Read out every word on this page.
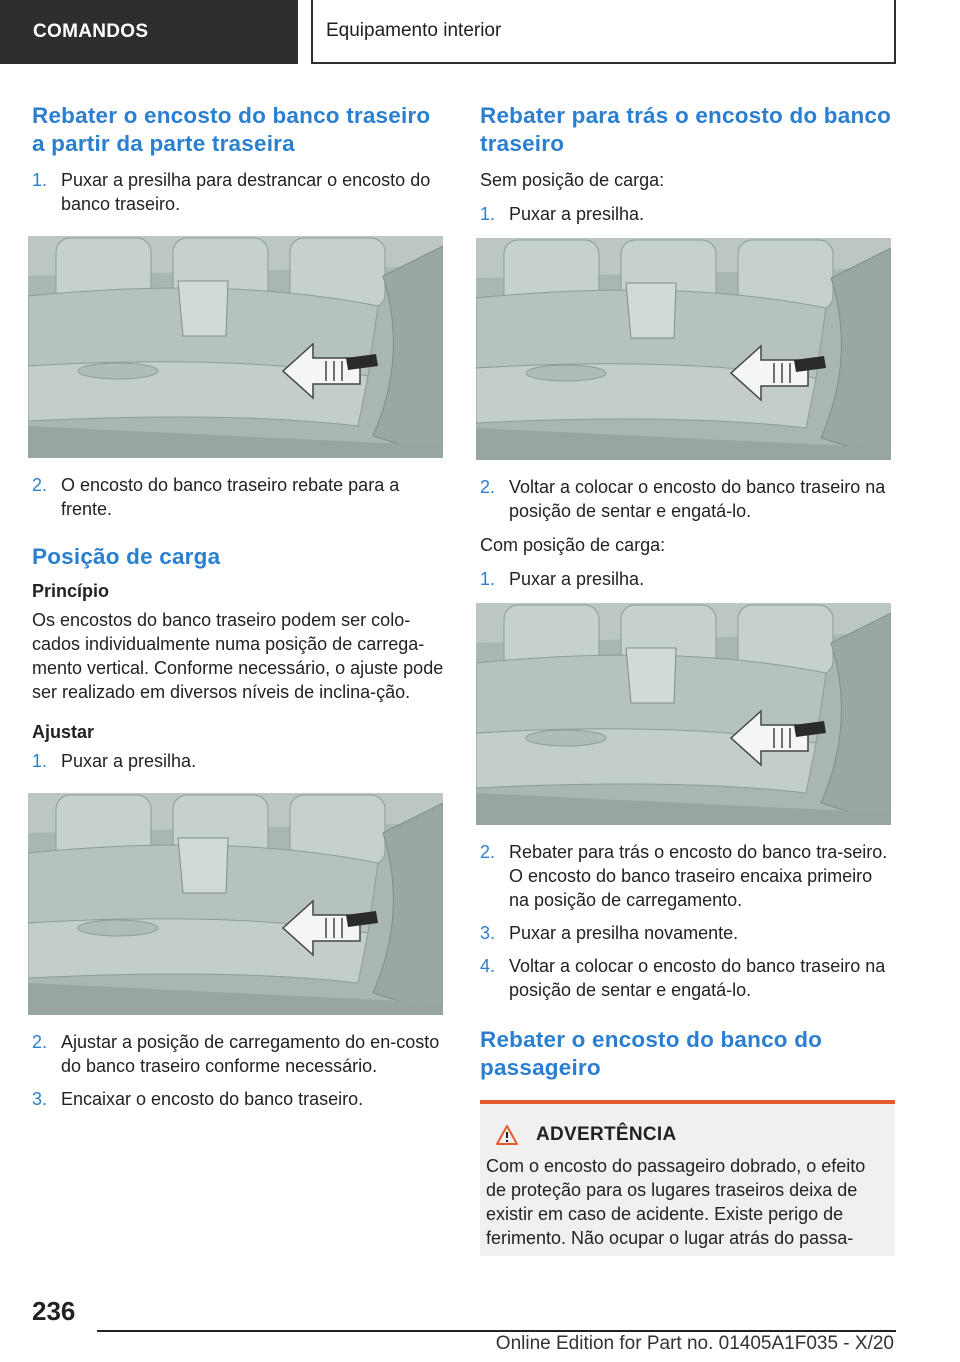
COMANDOS	Equipamento interior
Rebater o encosto do banco traseiro a partir da parte traseira
1. Puxar a presilha para destrancar o encosto do banco traseiro.
2. O encosto do banco traseiro rebate para a frente.
Posição de carga
Princípio

Os encostos do banco traseiro podem ser colo-cados individualmente numa posição de carrega-mento vertical. Conforme necessário, o ajuste pode ser realizado em diversos níveis de inclina-ção.

Ajustar
1. Puxar a presilha.
2. Ajustar a posição de carregamento do en-costo do banco traseiro conforme necessário.
3. Encaixar o encosto do banco traseiro.
Rebater para trás o encosto do banco traseiro

Sem posição de carga:

1. Puxar a presilha.
2. Voltar a colocar o encosto do banco traseiro na posição de sentar e engatá-lo.

Com posição de carga:

1. Puxar a presilha.
2. Rebater para trás o encosto do banco tra-seiro. O encosto do banco traseiro encaixa primeiro na posição de carregamento.
3. Puxar a presilha novamente.
4. Voltar a colocar o encosto do banco traseiro na posição de sentar e engatá-lo.
Rebater o encosto do banco do passageiro
ADVERTÊNCIA

Com o encosto do passageiro dobrado, o efeito de proteção para os lugares traseiros deixa de existir em caso de acidente. Existe perigo de ferimento. Não ocupar o lugar atrás do passa-

236
Online Edition for Part no. 01405A1F035 - X/20
